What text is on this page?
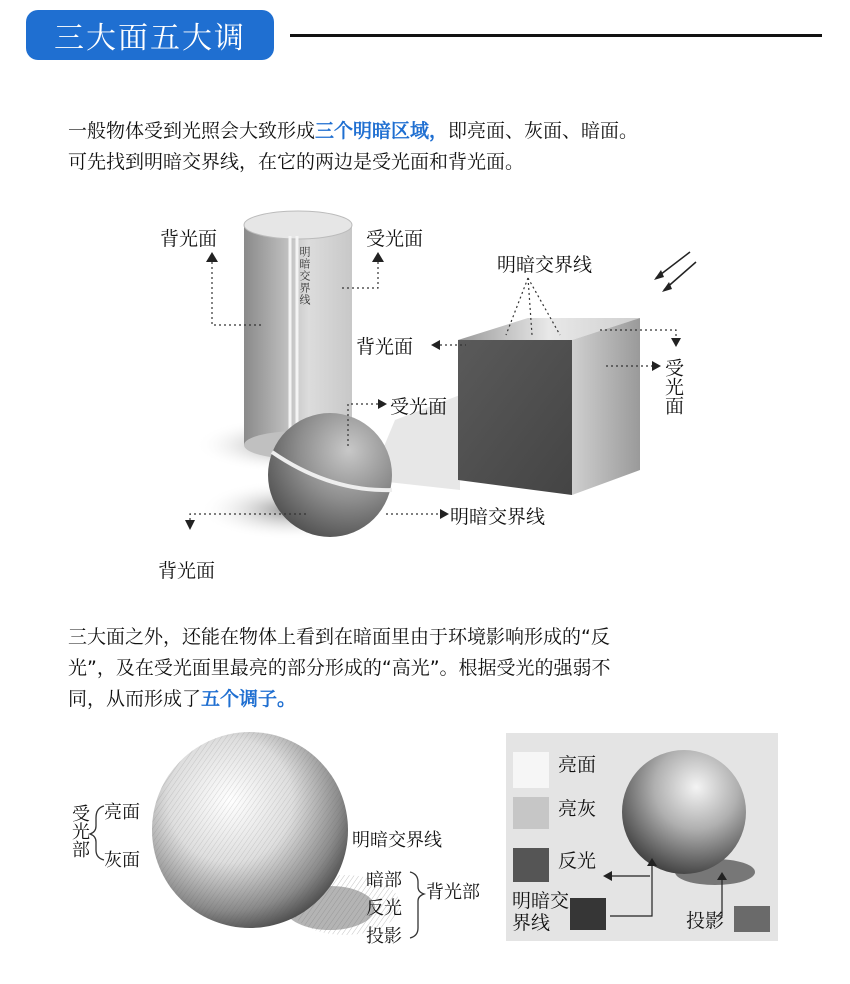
三大面五大调
一般物体受到光照会大致形成三个明暗区域，即亮面、灰面、暗面。
可先找到明暗交界线，在它的两边是受光面和背光面。
背光面	受光面
明暗交界线	明暗交界线
背光面
受光面
受光面
明暗交界线
背光面
三大面之外，还能在物体上看到在暗面里由于环境影响形成的“反
光”，及在受光面里最亮的部分形成的“高光”。根据受光的强弱不
同，从而形成了五个调子。
受光部 亮面
灰面
明暗交界线
暗部
反光
投影
背光部
亮面
亮灰
反光
明暗交界线	投影
